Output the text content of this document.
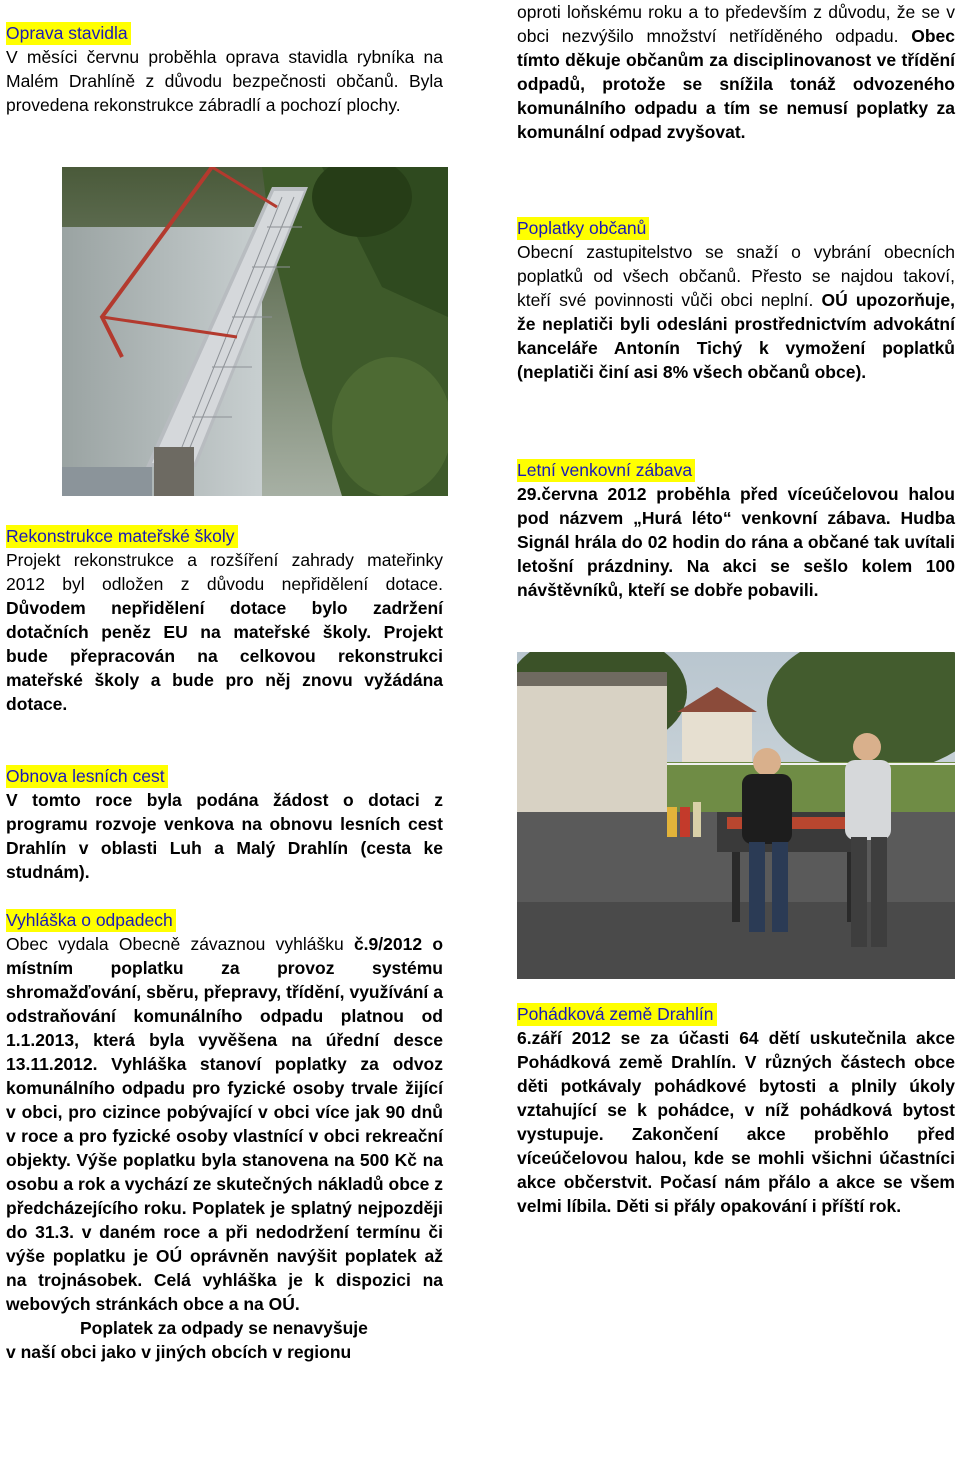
Oprava stavidla

V měsíci červnu proběhla oprava stavidla rybníka na Malém Drahlíně z důvodu bezpečnosti občanů. Byla provedena rekonstrukce zábradlí a pochozí plochy.

Rekonstrukce mateřské školy

Projekt rekonstrukce a rozšíření zahrady mateřinky 2012 byl odložen z důvodu nepřidělení dotace. Důvodem nepřidělení dotace bylo zadržení dotačních peněz EU na mateřské školy. Projekt bude přepracován na celkovou rekonstrukci mateřské školy a bude pro něj znovu vyžádána dotace.

Obnova lesních cest

V tomto roce byla podána žádost o dotaci z programu rozvoje venkova na obnovu lesních cest Drahlín v oblasti Luh a Malý Drahlín (cesta ke studnám).

Vyhláška o odpadech

Obec vydala Obecně závaznou vyhlášku č.9/2012 o místním poplatku za provoz systému shromažďování, sběru, přepravy, třídění, využívání a odstraňování komunálního odpadu platnou od 1.1.2013, která byla vyvěšena na úřední desce 13.11.2012. Vyhláška stanoví poplatky za odvoz komunálního odpadu pro fyzické osoby trvale žijící v obci, pro cizince pobývající v obci více jak 90 dnů v roce a pro fyzické osoby vlastnící v obci rekreační objekty. Výše poplatku byla stanovena na 500 Kč na osobu a rok a vychází ze skutečných nákladů obce z předcházejícího roku. Poplatek je splatný nejpozději do 31.3. v daném roce a při nedodržení termínu či výše poplatku je OÚ oprávněn navýšit poplatek až na trojnásobek. Celá vyhláška je k dispozici na webových stránkách obce a na OÚ.

Poplatek za odpady se nenavyšuje

v naší obci jako v jiných obcích v regionu

oproti loňskému roku a to především z důvodu, že se v obci nezvýšilo množství netříděného odpadu. Obec tímto děkuje občanům za disciplinovanost ve třídění odpadů, protože se snížila tonáž odvozeného komunálního odpadu a tím se nemusí poplatky za komunální odpad zvyšovat.

Poplatky občanů

Obecní zastupitelstvo se snaží o vybrání obecních poplatků od všech občanů. Přesto se najdou takoví, kteří své povinnosti vůči obci neplní. OÚ upozorňuje, že neplatiči byli odesláni prostřednictvím advokátní kanceláře Antonín Tichý k vymožení poplatků (neplatiči činí asi 8% všech občanů obce).

Letní venkovní zábava

29.června 2012 proběhla před víceúčelovou halou pod názvem „Hurá léto“ venkovní zábava. Hudba Signál hrála do 02 hodin do rána a občané tak uvítali letošní prázdniny. Na akci se sešlo kolem 100 návštěvníků, kteří se dobře pobavili.

Pohádková země Drahlín

6.září 2012 se za účasti 64 dětí uskutečnila akce Pohádková země Drahlín. V různých částech obce děti potkávaly pohádkové bytosti a plnily úkoly vztahující se k pohádce, v níž pohádková bytost vystupuje. Zakončení akce proběhlo před víceúčelovou halou, kde se mohli všichni účastníci akce občerstvit. Počasí nám přálo a akce se všem velmi líbila. Děti si přály opakování i příští rok.
